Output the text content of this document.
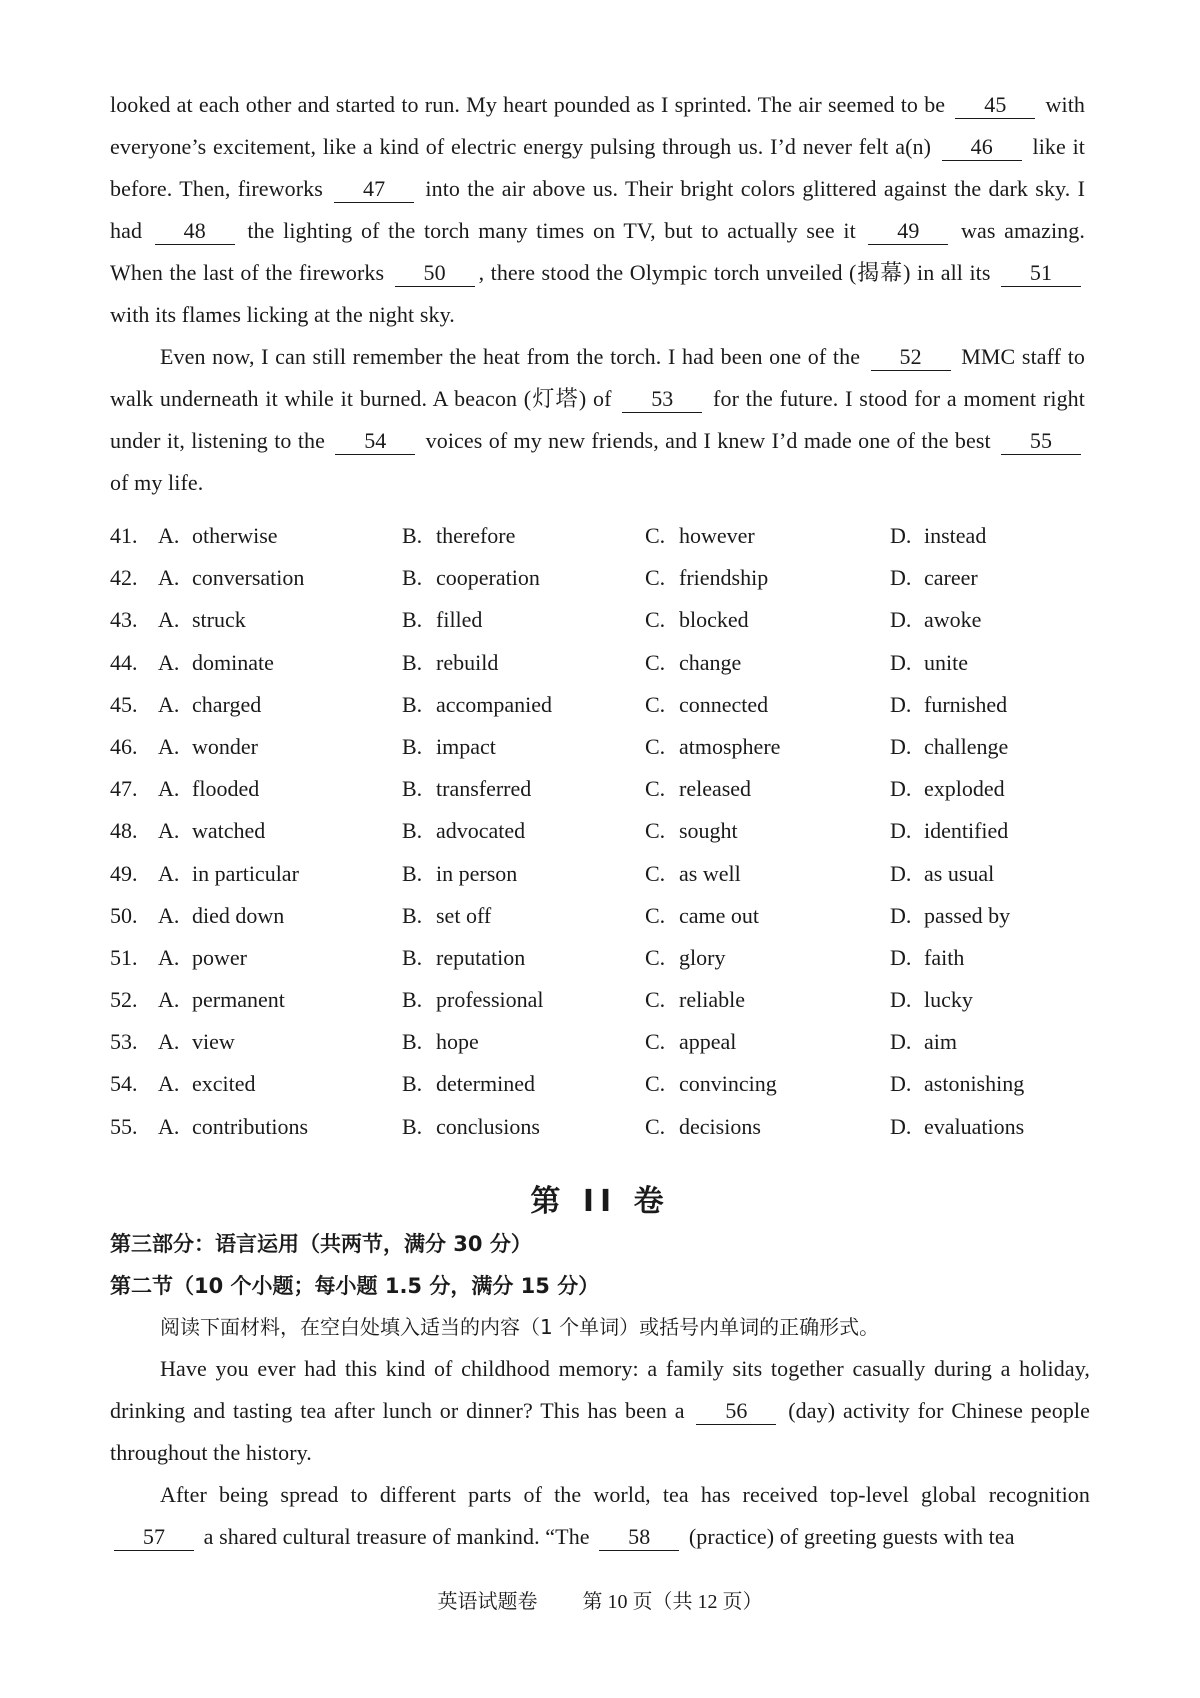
looked at each other and started to run. My heart pounded as I sprinted. The air seemed to be 45 with everyone’s excitement, like a kind of electric energy pulsing through us. I’d never felt a(n) 46 like it before. Then, fireworks 47 into the air above us. Their bright colors glittered against the dark sky. I had 48 the lighting of the torch many times on TV, but to actually see it 49 was amazing. When the last of the fireworks 50 , there stood the Olympic torch unveiled (揭幕) in all its 51 with its flames licking at the night sky.

Even now, I can still remember the heat from the torch. I had been one of the 52 MMC staff to walk underneath it while it burned. A beacon (灯塔) of 53 for the future. I stood for a moment right under it, listening to the 54 voices of my new friends, and I knew I’d made one of the best 55 of my life.

41. A. otherwise	B. therefore	C. however	D. instead
42. A. conversation	B. cooperation	C. friendship	D. career
43. A. struck	B. filled	C. blocked	D. awoke
44. A. dominate	B. rebuild	C. change	D. unite
45. A. charged	B. accompanied	C. connected	D. furnished
46. A. wonder	B. impact	C. atmosphere	D. challenge
47. A. flooded	B. transferred	C. released	D. exploded
48. A. watched	B. advocated	C. sought	D. identified
49. A. in particular	B. in person	C. as well	D. as usual
50. A. died down	B. set off	C. came out	D. passed by
51. A. power	B. reputation	C. glory	D. faith
52. A. permanent	B. professional	C. reliable	D. lucky
53. A. view	B. hope	C. appeal	D. aim
54. A. excited	B. determined	C. convincing	D. astonishing
55. A. contributions	B. conclusions	C. decisions	D. evaluations
第 II 卷
第三部分：语言运用（共两节，满分 30 分）
第二节（10 个小题；每小题 1.5 分，满分 15 分）

阅读下面材料，在空白处填入适当的内容（1 个单词）或括号内单词的正确形式。

Have you ever had this kind of childhood memory: a family sits together casually during a holiday, drinking and tasting tea after lunch or dinner? This has been a 56 (day) activity for Chinese people throughout the history.

After being spread to different parts of the world, tea has received top-level global recognition 57 a shared cultural treasure of mankind. “The 58 (practice) of greeting guests with tea

英语试题卷 第 10 页（共 12 页）
